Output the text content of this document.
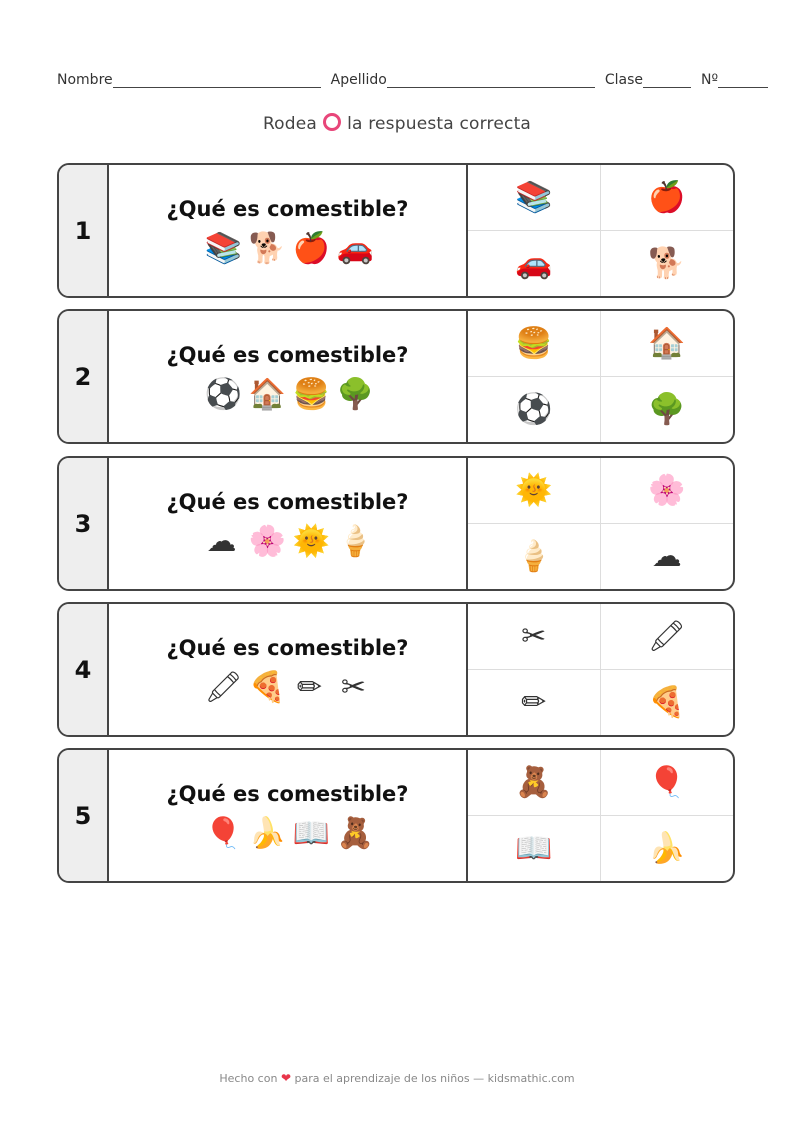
Nombre	Apellido	Clase	Nº
Rodea la respuesta correcta
1
¿Qué es comestible?
📚 🐕 🍎 🚗
📚	🍎
🚗	🐕
2
¿Qué es comestible?
⚽ 🏠 🍔 🌳
🍔	🏠
⚽	🌳
3
¿Qué es comestible?
☁ 🌸 🌞 🍦
🌞	🌸
🍦	☁
4
¿Qué es comestible?
🖍 🍕 ✏ ✂
✂	🖍
✏	🍕
5
¿Qué es comestible?
🎈 🍌 📖 🧸
🧸	🎈
📖	🍌
Hecho con ❤ para el aprendizaje de los niños — kidsmathic.com
